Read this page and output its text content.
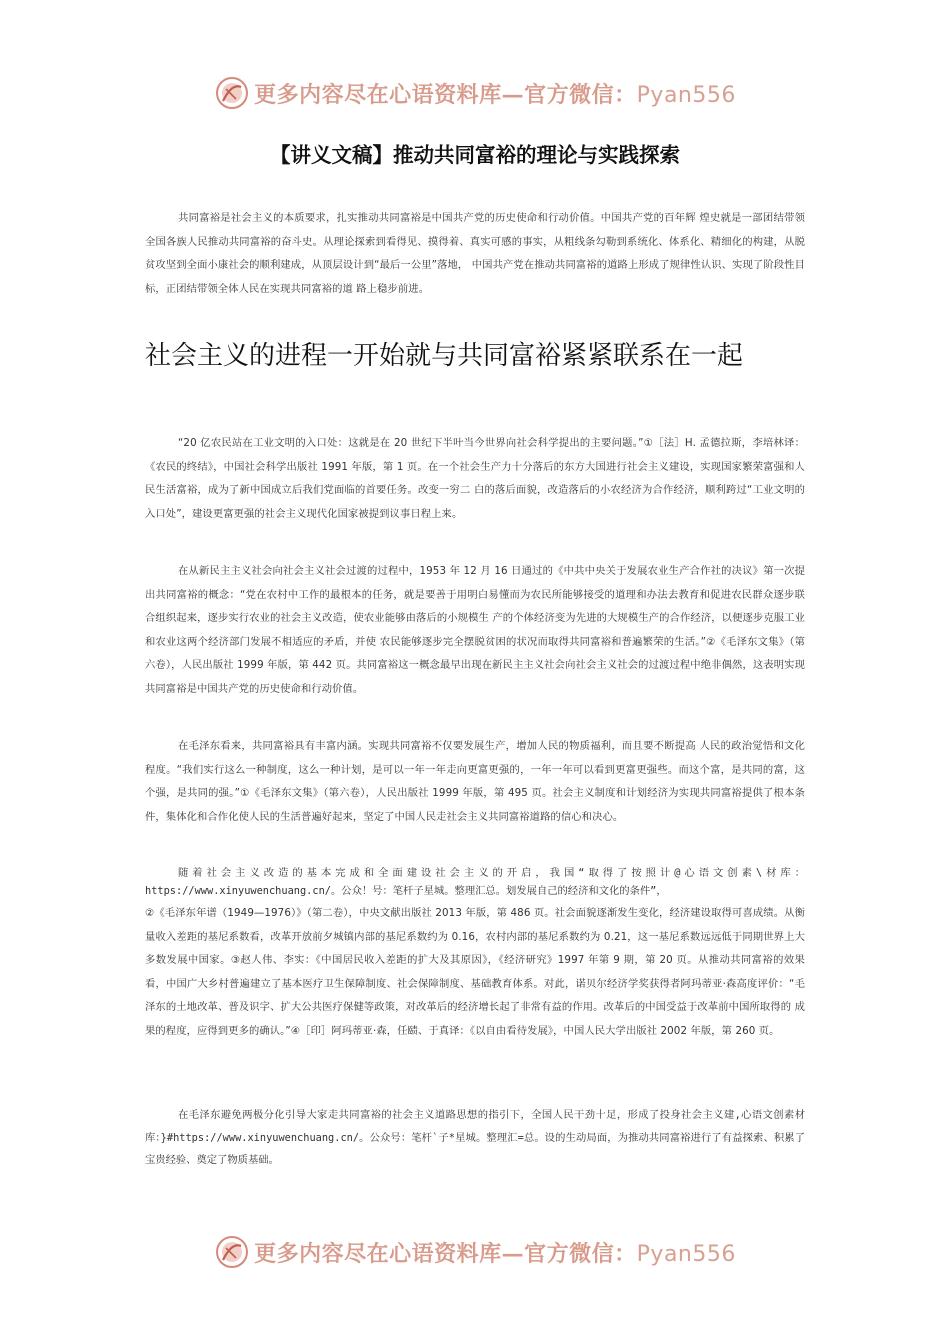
更多内容尽在心语资料库—官方微信：Pyan556
【讲义文稿】推动共同富裕的理论与实践探索

共同富裕是社会主义的本质要求，扎实推动共同富裕是中国共产党的历史使命和行动价值。中国共产党的百年辉 煌史就是一部团结带领全国各族人民推动共同富裕的奋斗史。从理论探索到看得见、摸得着、真实可感的事实，从粗线条勾勒到系统化、体系化、精细化的构建，从脱贫攻坚到全面小康社会的顺利建成，从顶层设计到“最后一公里”落地， 中国共产党在推动共同富裕的道路上形成了规律性认识、实现了阶段性目标，正团结带领全体人民在实现共同富裕的道 路上稳步前进。

社会主义的进程一开始就与共同富裕紧紧联系在一起

“20 亿农民站在工业文明的入口处：这就是在 20 世纪下半叶当今世界向社会科学提出的主要问题。”①［法］H. 孟德拉斯，李培林译：《农民的终结》，中国社会科学出版社 1991 年版，第 1 页。在一个社会生产力十分落后的东方大国进行社会主义建设，实现国家繁荣富强和人民生活富裕，成为了新中国成立后我们党面临的首要任务。改变一穷二 白的落后面貌，改造落后的小农经济为合作经济，顺利跨过“工业文明的入口处”，建设更富更强的社会主义现代化国家被提到议事日程上来。

在从新民主主义社会向社会主义社会过渡的过程中，1953 年 12 月 16 日通过的《中共中央关于发展农业生产合作社的决议》第一次提出共同富裕的概念：“党在农村中工作的最根本的任务，就是要善于用明白易懂而为农民所能够接受的道理和办法去教育和促进农民群众逐步联合组织起来，逐步实行农业的社会主义改造，使农业能够由落后的小规模生 产的个体经济变为先进的大规模生产的合作经济，以便逐步克服工业和农业这两个经济部门发展不相适应的矛盾，并使 农民能够逐步完全摆脱贫困的状况而取得共同富裕和普遍繁荣的生活。”②《毛泽东文集》（第六卷），人民出版社 1999 年版，第 442 页。共同富裕这一概念最早出现在新民主主义社会向社会主义社会的过渡过程中绝非偶然，这表明实现共同富裕是中国共产党的历史使命和行动价值。

在毛泽东看来，共同富裕具有丰富内涵。实现共同富裕不仅要发展生产，增加人民的物质福利，而且要不断提高 人民的政治觉悟和文化程度。“我们实行这么一种制度，这么一种计划，是可以一年一年走向更富更强的，一年一年可以看到更富更强些。而这个富，是共同的富，这个强，是共同的强。”①《毛泽东文集》（第六卷），人民出版社 1999 年版，第 495 页。社会主义制度和计划经济为实现共同富裕提供了根本条件，集体化和合作化使人民的生活普遍好起来，坚定了中国人民走社会主义共同富裕道路的信心和决心。

随着社会主义改造的基本完成和全面建设社会主义的开启，我国“取得了按照计@心语文创素\材库：https://www.xinyuwenchuang.cn/。公众！号：笔杆子星城。整理汇总。划发展自己的经济和文化的条件”，

②《毛泽东年谱（1949—1976）》（第二卷），中央文献出版社 2013 年版，第 486 页。社会面貌逐渐发生变化，经济建设取得可喜成绩。从衡量收入差距的基尼系数看，改革开放前夕城镇内部的基尼系数约为 0.16，农村内部的基尼系数约为 0.21，这一基尼系数远远低于同期世界上大多数发展中国家。③赵人伟、李实：《中国居民收入差距的扩大及其原因》，《经济研究》1997 年第 9 期，第 20 页。从推动共同富裕的效果看，中国广大乡村普遍建立了基本医疗卫生保障制度、社会保障制度、基础教育体系。对此，诺贝尔经济学奖获得者阿玛蒂亚·森高度评价：“毛泽东的土地改革、普及识字、扩大公共医疗保健等政策，对改革后的经济增长起了非常有益的作用。改革后的中国受益于改革前中国所取得的 成果的程度，应得到更多的确认。”④［印］阿玛蒂亚·森，任赜、于真译：《以自由看待发展》，中国人民大学出版社 2002 年版，第 260 页。

在毛泽东避免两极分化引导大家走共同富裕的社会主义道路思想的指引下，全国人民干劲十足，形成了投身社会主义建,心语文创素材库：}#https://www.xinyuwenchuang.cn/。公众号：笔杆`子*星城。整理汇=总。设的生动局面，为推动共同富裕进行了有益探索、积累了宝贵经验、奠定了物质基础。

更多内容尽在心语资料库—官方微信：Pyan556
